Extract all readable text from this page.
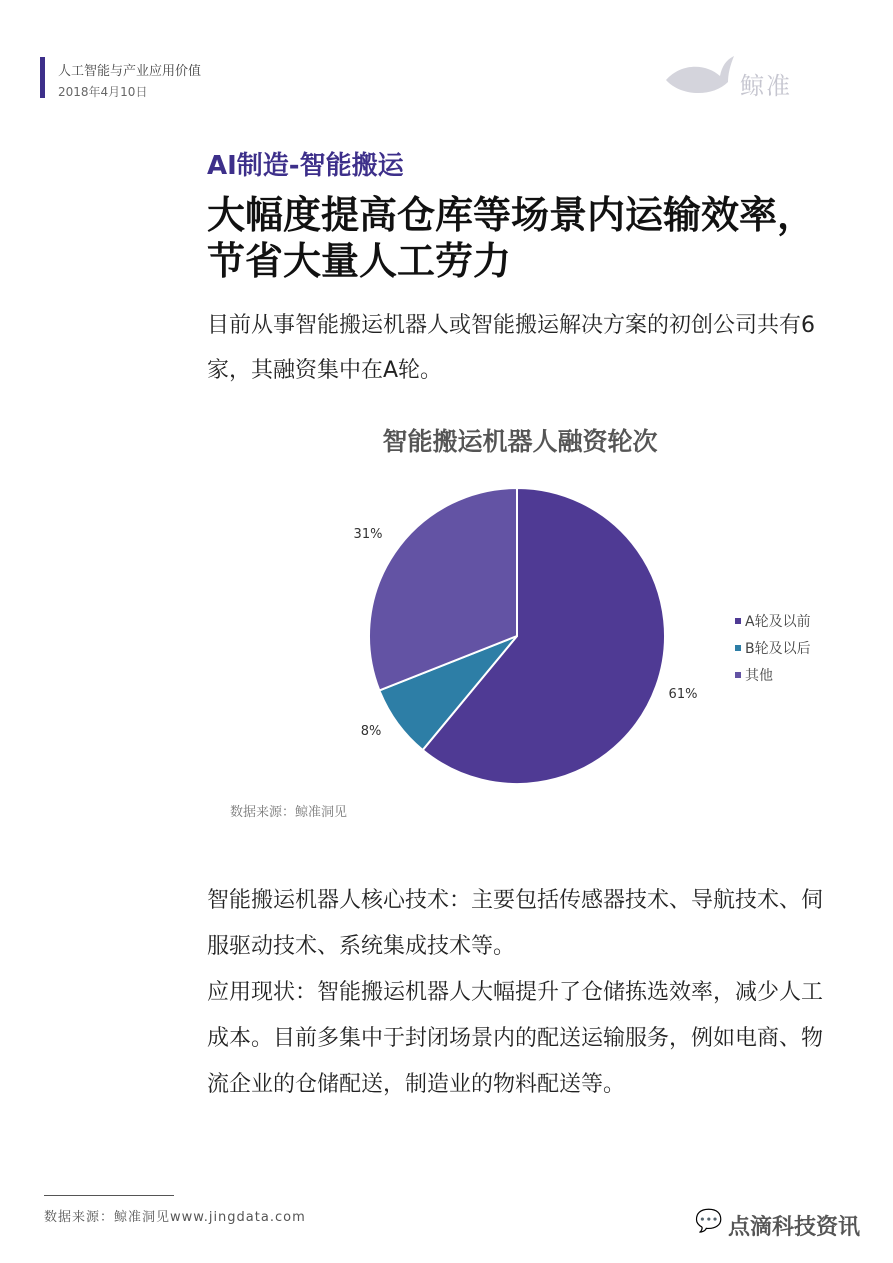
人工智能与产业应用价值
2018年4月10日	鲸准
AI制造-智能搬运
大幅度提高仓库等场景内运输效率，
节省大量人工劳力
目前从事智能搬运机器人或智能搬运解决方案的初创公司共有6
家，其融资集中在A轮。
智能搬运机器人融资轮次
61%
8%
31%
A轮及以前
B轮及以后
其他
数据来源：鲸准洞见

智能搬运机器人核心技术：主要包括传感器技术、导航技术、伺

服驱动技术、系统集成技术等。

应用现状：智能搬运机器人大幅提升了仓储拣选效率，减少人工

成本。目前多集中于封闭场景内的配送运输服务，例如电商、物

流企业的仓储配送，制造业的物料配送等。

数据来源：鲸准洞见www.jingdata.com	💬 点滴科技资讯
